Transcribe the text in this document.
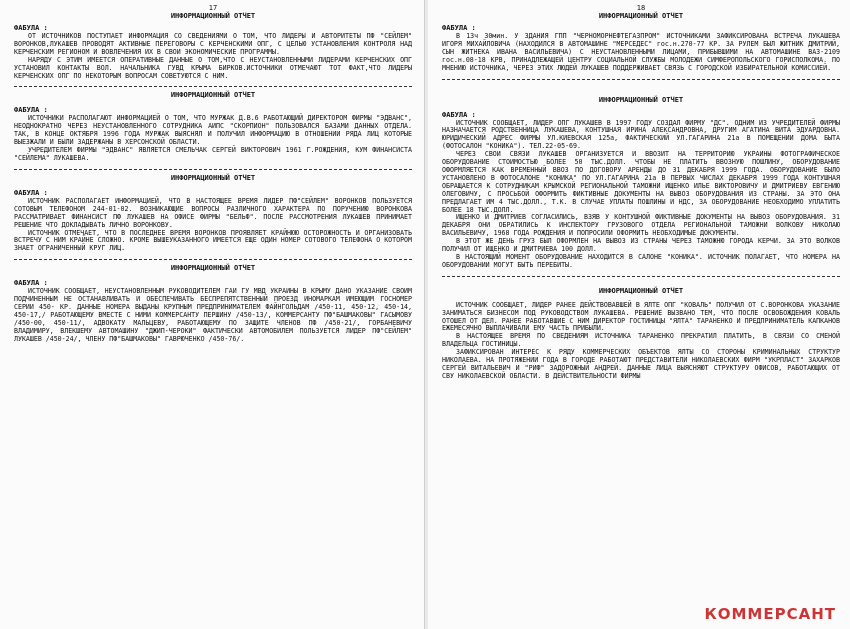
17

ИНФОРМАЦИОННЫЙ ОТЧЕТ

ФАБУЛА :

ОТ ИСТОЧНИКОВ ПОСТУПАЕТ ИНФОРМАЦИЯ СО СВЕДЕНИЯМИ О ТОМ, ЧТО ЛИДЕРЫ И АВТОРИТЕТЫ ПФ "СЕЙЛЕМ" ВОРОНКОВ,ЛУКАШЕВ ПРОВОДЯТ АКТИВНЫЕ ПЕРЕГОВОРЫ С КЕРЧЕНСКИМИ ОПГ, С ЦЕЛЬЮ УСТАНОВЛЕНИЯ КОНТРОЛЯ НАД КЕРЧЕНСКИМ РЕГИОНОМ И ВОВЛЕЧЕНИЯ ИХ В СВОИ ЭКОНОМИЧЕСКИЕ ПРОГРАММЫ.

НАРЯДУ С ЭТИМ ИМЕЕТСЯ ОПЕРАТИВНЫЕ ДАННЫЕ О ТОМ,ЧТО С НЕУСТАНОВЛЕННЫМИ ЛИДЕРАМИ КЕРЧЕНСКИХ ОПГ УСТАНОВИЛ КОНТАКТЫ ВОЛ. НАЧАЛЬНИКА ГУВД КРЫМА БИРКОВ.ИСТОЧНИКИ ОТМЕЧАЮТ ТОТ ФАКТ,ЧТО ЛИДЕРЫ КЕРЧЕНСКИХ ОПГ ПО НЕКОТОРЫМ ВОПРОСАМ СОВЕТУЮТСЯ С НИМ.

ИНФОРМАЦИОННЫЙ ОТЧЕТ

ФАБУЛА :

ИСТОЧНИКИ РАСПОЛАГАЮТ ИНФОРМАЦИЕЙ О ТОМ, ЧТО МУРЖАК Д.В.6 РАБОТАЮЩИЙ ДИРЕКТОРОМ ФИРМЫ "ЭДВАНС", НЕОДНОКРАТНО ЧЕРЕЗ НЕУСТАНОВЛЕННОГО СОТРУДНИКА АИПС "СКОРПИОН" ПОЛЬЗОВАЛСЯ БАЗАМИ ДАННЫХ ОТДЕЛА. ТАК, В КОНЦЕ ОКТЯБРЯ 1996 ГОДА МУРЖАК ВЫЯСНЯЛ И ПОЛУЧИЛ ИНФОРМАЦИЮ В ОТНОШЕНИИ РЯДА ЛИЦ КОТОРЫЕ ВЫЕЗЖАЛИ И БЫЛИ ЗАДЕРЖАНЫ В ХЕРСОНСКОЙ ОБЛАСТИ.

УЧРЕДИТЕЛЕМ ФИРМЫ "ЭДВАНС" ЯВЛЯЕТСЯ СМЕЛЬЧАК СЕРГЕЙ ВИКТОРОВИЧ 1961 Г.РОЖДЕНИЯ, КУМ ФИНАНСИСТА "СЕЙЛЕМА" ЛУКАШЕВА.

ИНФОРМАЦИОННЫЙ ОТЧЕТ

ФАБУЛА :

ИСТОЧНИК РАСПОЛАГАЕТ ИНФОРМАЦИЕЙ, ЧТО В НАСТОЯЩЕЕ ВРЕМЯ ЛИДЕР ПФ"СЕЙЛЕМ" ВОРОНКОВ ПОЛЬЗУЕТСЯ СОТОВЫМ ТЕЛЕФОНОМ 244-01-02. ВОЗНИКАЮЩИЕ ВОПРОСЫ РАЗЛИЧНОГО ХАРАКТЕРА ПО ПОРУЧЕНИЮ ВОРОНКОВА РАССМАТРИВАЕТ ФИНАНСИСТ ПФ ЛУКАШЕВ НА ОФИСЕ ФИРМЫ "БЕЛЬФ". ПОСЛЕ РАССМОТРЕНИЯ ЛУКАШЕВ ПРИНИМАЕТ РЕШЕНИЕ ЧТО ДОКЛАДЫВАТЬ ЛИЧНО ВОРОНКОВУ.

ИСТОЧНИК ОТМЕЧАЕТ, ЧТО В ПОСЛЕДНЕЕ ВРЕМЯ ВОРОНКОВ ПРОЯВЛЯЕТ КРАЙНЮЮ ОСТОРОЖНОСТЬ И ОРГАНИЗОВАТЬ ВСТРЕЧУ С НИМ КРАЙНЕ СЛОЖНО. КРОМЕ ВЫШЕУКАЗАННОГО ИМЕЕТСЯ ЕЩЕ ОДИН НОМЕР СОТОВОГО ТЕЛЕФОНА О КОТОРОМ ЗНАЕТ ОГРАНИЧЕННЫЙ КРУГ ЛИЦ.

ИНФОРМАЦИОННЫЙ ОТЧЕТ

ФАБУЛА :

ИСТОЧНИК СООБЩАЕТ, НЕУСТАНОВЛЕННЫМ РУКОВОДИТЕЛЕМ ГАИ ГУ МВД УКРАИНЫ В КРЫМУ ДАНО УКАЗАНИЕ СВОИМ ПОДЧИНЕННЫМ НЕ ОСТАНАВЛИВАТЬ И ОБЕСПЕЧИВАТЬ БЕСПРЕПЯТСТВЕННЫЙ ПРОЕЗД ИНОМАРКАМ ИМЕЮЩИМ ГОСНОМЕР СЕРИИ 450- КР. ДАННЫЕ НОМЕРА ВЫДАНЫ КРУПНЫМ ПРЕДПРИНИМАТЕЛЕМ ФАЙНГОЛЬДАМ /450-11, 450-12, 450-14, 450-17,/ РАБОТАЮЩЕМУ ВМЕСТЕ С НИМИ КОММЕРСАНТУ ПЕРШИНУ /450-13/, КОММЕРСАНТУ ПФ"БАШМАКОВЫ" ГАСЫМОВУ /450-00, 450-11/, АДВОКАТУ МАЛЬЦЕВУ, РАБОТАЮЩЕМУ ПО ЗАЩИТЕ ЧЛЕНОВ ПФ /450-21/, ГОРБАНЕВИЧУ ВЛАДИМИРУ, ВЛЕКШЕМУ АВТОМАШИНУ "ДЖИП-ЧЕРОКИ" ФАКТИЧЕСКИ АВТОМОБИЛЕМ ПОЛЬЗУЕТСЯ ЛИДЕР ПФ"СЕЙЛЕМ" ЛУКАШЕВ /450-24/, ЧЛЕНУ ПФ"БАШМАКОВЫ" ГАВРЮЧЕНКО /450-76/.

18

ИНФОРМАЦИОННЫЙ ОТЧЕТ

ФАБУЛА :

В 13ч 30мин. У ЗДАНИЯ ГПП "ЧЕРНОМОРНЕФТЕГАЗПРОМ" ИСТОЧНИКАМИ ЗАФИКСИРОВАНА ВСТРЕЧА ЛУКАШЕВА ИГОРЯ МИХАЙЛОВИЧА (НАХОДИЛСЯ В АВТОМАШИНЕ "МЕРСЕДЕС" гос.н.270-77 КР. ЗА РУЛЕМ БЫЛ ЖИТНИК ДМИТРИЙ, СЫН ЖИТНЕКА ИВАНА ВАСИЛЬЕВИЧА) С НЕУСТАНОВЛЕННЫМИ ЛИЦАМИ, ПРИБЫВШИМИ НА АВТОМАШИНЕ ВАЗ-2109 гос.н.08-18 КРВ, ПРИНАДЛЕЖАЩЕЙ ЦЕНТРУ СОЦИАЛЬНОЙ СЛУЖБЫ МОЛОДЕЖИ СИМФЕРОПОЛЬСКОГО ГОРИСПОЛКОМА. ПО МНЕНИЮ ИСТОЧНИКА, ЧЕРЕЗ ЭТИХ ЛЮДЕЙ ЛУКАШЕВ ПОДДЕРЖИВАЕТ СВЯЗЬ С ГОРОДСКОЙ ИЗБИРАТЕЛЬНОЙ КОМИССИЕЙ.

ИНФОРМАЦИОННЫЙ ОТЧЕТ

ФАБУЛА :

ИСТОЧНИК СООБЩАЕТ, ЛИДЕР ОПГ ЛУКАШЕВ В 1997 ГОДУ СОЗДАЛ ФИРМУ "ДС". ОДНИМ ИЗ УЧРЕДИТЕЛЕЙ ФИРМЫ НАЗНАЧАЕТСЯ РОДСТВЕННИЦА ЛУКАШЕВА, КОНТУШНАЯ ИРИНА АЛЕКСАНДРОВНА, ДРУГИМ АГАТИНА ВИТА ЭДУАРДОВНА. ЮРИДИЧЕСКИЙ АДРЕС ФИРМЫ УЛ.КИЕВСКАЯ 125а, ФАКТИЧЕСКИЙ УЛ.ГАГАРИНА 21а В ПОМЕЩЕНИИ ДОМА БЫТА (ФОТОСАЛОН "КОНИКА"). ТЕЛ.22-05-69.

ЧЕРЕЗ СВОИ СВЯЗИ ЛУКАШЕВ ОРГАНИЗУЕТСЯ И ВВОЗИТ НА ТЕРРИТОРИЮ УКРАИНЫ ФОТОГРАФИЧЕСКОЕ ОБОРУДОВАНИЕ СТОИМОСТЬЮ БОЛЕЕ 50 ТЫС.ДОЛЛ. ЧТОБЫ НЕ ПЛАТИТЬ ВВОЗНУЮ ПОШЛИНУ, ОБОРУДОВАНИЕ ОФОРМЛЯЕТСЯ КАК ВРЕМЕННЫЙ ВВОЗ ПО ДОГОВОРУ АРЕНДЫ ДО 31 ДЕКАБРЯ 1999 ГОДА. ОБОРУДОВАНИЕ БЫЛО УСТАНОВЛЕНО В ФОТОСАЛОНЕ "КОНИКА" ПО УЛ.ГАГАРИНА 21а В ПЕРВЫХ ЧИСЛАХ ДЕКАБРЯ 1999 ГОДА КОНТУШНАЯ ОБРАЩАЕТСЯ К СОТРУДНИКАМ КРЫМСКОЙ РЕГИОНАЛЬНОЙ ТАМОЖНИ ИЩЕНКО ИЛЬЕ ВИКТОРОВИЧУ И ДМИТРИЕВУ ЕВГЕНИЮ ОЛЕГОВИЧУ, С ПРОСЬБОЙ ОФОРМИТЬ ФИКТИВНЫЕ ДОКУМЕНТЫ НА ВЫВОЗ ОБОРУДОВАНИЯ ИЗ СТРАНЫ. ЗА ЭТО ОНА ПРЕДЛАГАЕТ ИМ 4 ТЫС.ДОЛЛ., Т.К. В СЛУЧАЕ УПЛАТЫ ПОШЛИНЫ И НДС, ЗА ОБОРУДОВАНИЕ НЕОБХОДИМО УПЛАТИТЬ БОЛЕЕ 18 ТЫС.ДОЛЛ.

ИЩЕНКО И ДМИТРИЕВ СОГЛАСИЛИСЬ, ВЗЯВ У КОНТУШНОЙ ФИКТИВНЫЕ ДОКУМЕНТЫ НА ВЫВОЗ ОБОРУДОВАНИЯ. 31 ДЕКАБРЯ ОНИ ОБРАТИЛИСЬ К ИНСПЕКТОРУ ГРУЗОВОГО ОТДЕЛА РЕГИОНАЛЬНОЙ ТАМОЖНИ ВОЛКОВУ НИКОЛАЮ ВАСИЛЬЕВИЧУ, 1968 ГОДА РОЖДЕНИЯ И ПОПРОСИЛИ ОФОРМИТЬ НЕОБХОДИМЫЕ ДОКУМЕНТЫ.

В ЭТОТ ЖЕ ДЕНЬ ГРУЗ БЫЛ ОФОРМЛЕН НА ВЫВОЗ ИЗ СТРАНЫ ЧЕРЕЗ ТАМОЖНЮ ГОРОДА КЕРЧИ. ЗА ЭТО ВОЛКОВ ПОЛУЧИЛ ОТ ИЩЕНКО И ДМИТРИЕВА 100 ДОЛЛ.

В НАСТОЯЩИЙ МОМЕНТ ОБОРУДОВАНИЕ НАХОДИТСЯ В САЛОНЕ "КОНИКА". ИСТОЧНИК ПОЛАГАЕТ, ЧТО НОМЕРА НА ОБОРУДОВАНИИ МОГУТ БЫТЬ ПЕРЕБИТЫ.

ИНФОРМАЦИОННЫЙ ОТЧЕТ

ИСТОЧНИК СООБЩАЕТ, ЛИДЕР РАНЕЕ ДЕЙСТВОВАВШЕЙ В ЯЛТЕ ОПГ "КОВАЛЬ" ПОЛУЧИЛ ОТ С.ВОРОНКОВА УКАЗАНИЕ ЗАНИМАТЬСЯ БИЗНЕСОМ ПОД РУКОВОДСТВОМ ЛУКАШЕВА. РЕШЕНИЕ ВЫЗВАНО ТЕМ, ЧТО ПОСЛЕ ОСВОБОЖДЕНИЯ КОВАЛЬ ОТОШЕЛ ОТ ДЕЛ. РАНЕЕ РАБОТАВШИЕ С НИМ ДИРЕКТОР ГОСТИНИЦЫ "ЯЛТА" ТАРАНЕНКО И ПРЕДПРИНИМАТЕЛЬ КАПКАНОВ ЕЖЕМЕСЯЧНО ВЫПЛАЧИВАЛИ ЕМУ ЧАСТЬ ПРИБЫЛИ.

В НАСТОЯЩЕЕ ВРЕМЯ ПО СВЕДЕНИЯМ ИСТОЧНИКА ТАРАНЕНКО ПРЕКРАТИЛ ПЛАТИТЬ, В СВЯЗИ СО СМЕНОЙ ВЛАДЕЛЬЦА ГОСТИНИЦЫ.

ЗАФИКСИРОВАН ИНТЕРЕС К РЯДУ КОММЕРЧЕСКИХ ОБЪЕКТОВ ЯЛТЫ СО СТОРОНЫ КРИМИНАЛЬНЫХ СТРУКТУР НИКОЛАЕВА. НА ПРОТЯЖЕНИИ ГОДА В ГОРОДЕ РАБОТАЮТ ПРЕДСТАВИТЕЛИ НИКОЛАЕВСКИХ ФИРМ "УКРПЛАСТ" ЗАХАРКОВ СЕРГЕЙ ВИТАЛЬЕВИЧ И "РИФ" ЗАДОРОЖНЫЙ АНДРЕЙ. ДАННЫЕ ЛИЦА ВЫЯСНЯЮТ СТРУКТУРУ ОФИСОВ, РАБОТАЮЩИХ ОТ СВУ НИКОЛАЕВСКОЙ ОБЛАСТИ. В ДЕЙСТВИТЕЛЬНОСТИ ФИРМЫ

КОММЕРСАНТ
